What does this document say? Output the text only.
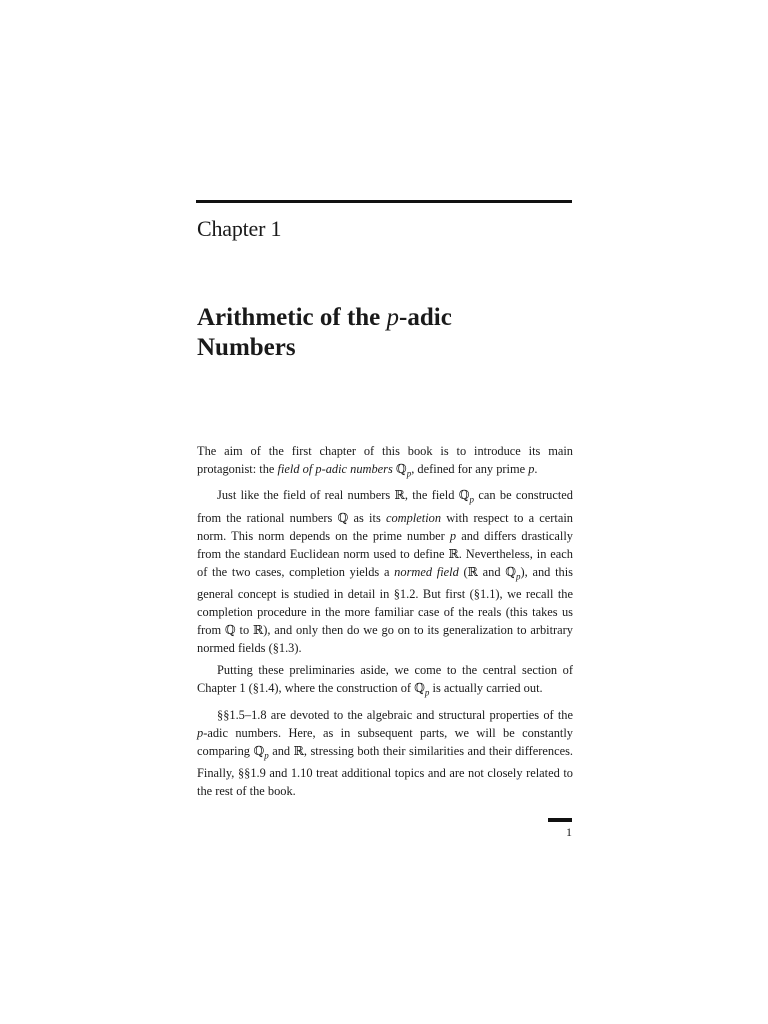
Chapter 1
Arithmetic of the p-adic
Numbers

The aim of the first chapter of this book is to introduce its main protagonist: the field of p-adic numbers ℚ$_p$, defined for any prime p.

Just like the field of real numbers ℝ, the field ℚ$_p$ can be constructed from the rational numbers ℚ as its completion with respect to a certain norm. This norm depends on the prime number p and differs drastically from the standard Euclidean norm used to define ℝ. Nevertheless, in each of the two cases, completion yields a normed field (ℝ and ℚ$_p$), and this general concept is studied in detail in §1.2. But first (§1.1), we recall the completion procedure in the more familiar case of the reals (this takes us from ℚ to ℝ), and only then do we go on to its generalization to arbitrary normed fields (§1.3).

Putting these preliminaries aside, we come to the central section of Chapter 1 (§1.4), where the construction of ℚ$_p$ is actually carried out.

§§1.5–1.8 are devoted to the algebraic and structural properties of the p-adic numbers. Here, as in subsequent parts, we will be constantly comparing ℚ$_p$ and ℝ, stressing both their similarities and their differences. Finally, §§1.9 and 1.10 treat additional topics and are not closely related to the rest of the book.

1
